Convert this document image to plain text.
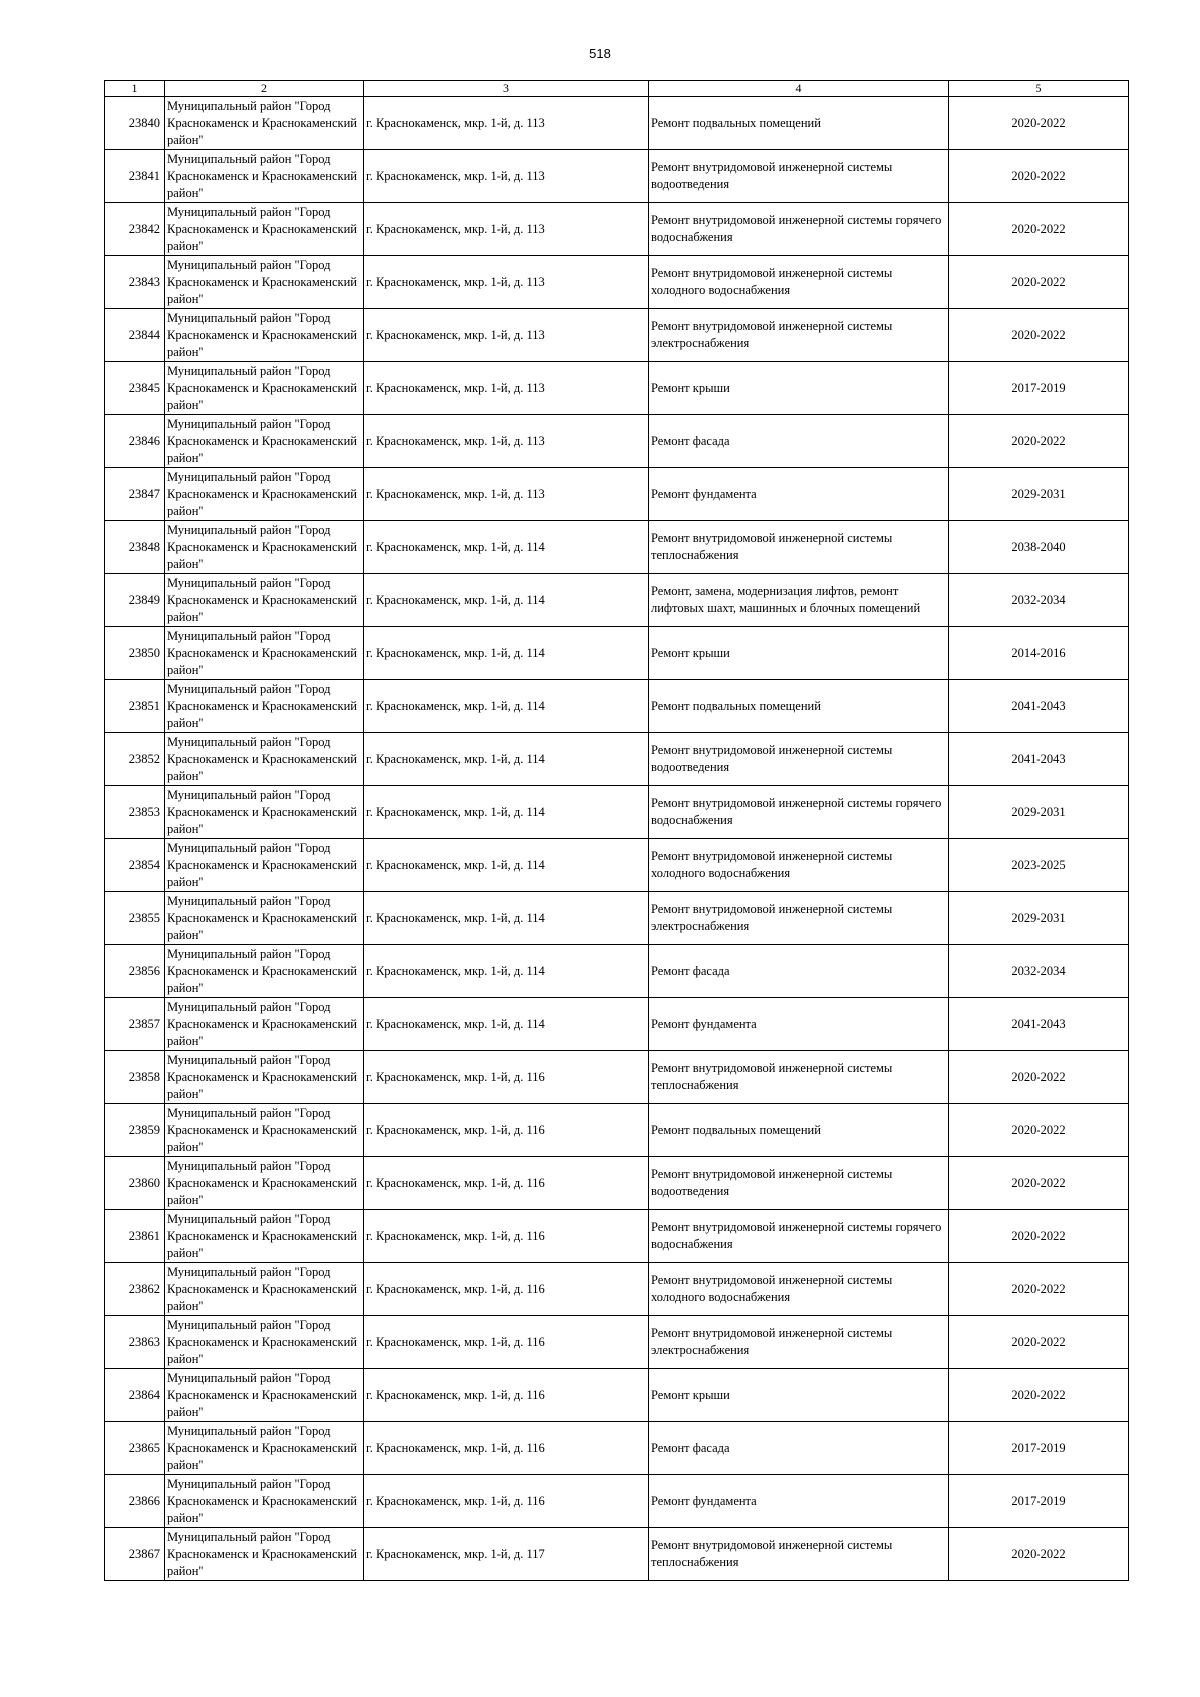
518
1	2	3	4	5
23840	Муниципальный район "Город Краснокаменск и Краснокаменский район"	г. Краснокаменск, мкр. 1-й, д. 113	Ремонт подвальных помещений	2020-2022
23841	Муниципальный район "Город Краснокаменск и Краснокаменский район"	г. Краснокаменск, мкр. 1-й, д. 113	Ремонт внутридомовой инженерной системы водоотведения	2020-2022
23842	Муниципальный район "Город Краснокаменск и Краснокаменский район"	г. Краснокаменск, мкр. 1-й, д. 113	Ремонт внутридомовой инженерной системы горячего водоснабжения	2020-2022
23843	Муниципальный район "Город Краснокаменск и Краснокаменский район"	г. Краснокаменск, мкр. 1-й, д. 113	Ремонт внутридомовой инженерной системы холодного водоснабжения	2020-2022
23844	Муниципальный район "Город Краснокаменск и Краснокаменский район"	г. Краснокаменск, мкр. 1-й, д. 113	Ремонт внутридомовой инженерной системы электроснабжения	2020-2022
23845	Муниципальный район "Город Краснокаменск и Краснокаменский район"	г. Краснокаменск, мкр. 1-й, д. 113	Ремонт крыши	2017-2019
23846	Муниципальный район "Город Краснокаменск и Краснокаменский район"	г. Краснокаменск, мкр. 1-й, д. 113	Ремонт фасада	2020-2022
23847	Муниципальный район "Город Краснокаменск и Краснокаменский район"	г. Краснокаменск, мкр. 1-й, д. 113	Ремонт фундамента	2029-2031
23848	Муниципальный район "Город Краснокаменск и Краснокаменский район"	г. Краснокаменск, мкр. 1-й, д. 114	Ремонт внутридомовой инженерной системы теплоснабжения	2038-2040
23849	Муниципальный район "Город Краснокаменск и Краснокаменский район"	г. Краснокаменск, мкр. 1-й, д. 114	Ремонт, замена, модернизация лифтов, ремонт лифтовых шахт, машинных и блочных помещений	2032-2034
23850	Муниципальный район "Город Краснокаменск и Краснокаменский район"	г. Краснокаменск, мкр. 1-й, д. 114	Ремонт крыши	2014-2016
23851	Муниципальный район "Город Краснокаменск и Краснокаменский район"	г. Краснокаменск, мкр. 1-й, д. 114	Ремонт подвальных помещений	2041-2043
23852	Муниципальный район "Город Краснокаменск и Краснокаменский район"	г. Краснокаменск, мкр. 1-й, д. 114	Ремонт внутридомовой инженерной системы водоотведения	2041-2043
23853	Муниципальный район "Город Краснокаменск и Краснокаменский район"	г. Краснокаменск, мкр. 1-й, д. 114	Ремонт внутридомовой инженерной системы горячего водоснабжения	2029-2031
23854	Муниципальный район "Город Краснокаменск и Краснокаменский район"	г. Краснокаменск, мкр. 1-й, д. 114	Ремонт внутридомовой инженерной системы холодного водоснабжения	2023-2025
23855	Муниципальный район "Город Краснокаменск и Краснокаменский район"	г. Краснокаменск, мкр. 1-й, д. 114	Ремонт внутридомовой инженерной системы электроснабжения	2029-2031
23856	Муниципальный район "Город Краснокаменск и Краснокаменский район"	г. Краснокаменск, мкр. 1-й, д. 114	Ремонт фасада	2032-2034
23857	Муниципальный район "Город Краснокаменск и Краснокаменский район"	г. Краснокаменск, мкр. 1-й, д. 114	Ремонт фундамента	2041-2043
23858	Муниципальный район "Город Краснокаменск и Краснокаменский район"	г. Краснокаменск, мкр. 1-й, д. 116	Ремонт внутридомовой инженерной системы теплоснабжения	2020-2022
23859	Муниципальный район "Город Краснокаменск и Краснокаменский район"	г. Краснокаменск, мкр. 1-й, д. 116	Ремонт подвальных помещений	2020-2022
23860	Муниципальный район "Город Краснокаменск и Краснокаменский район"	г. Краснокаменск, мкр. 1-й, д. 116	Ремонт внутридомовой инженерной системы водоотведения	2020-2022
23861	Муниципальный район "Город Краснокаменск и Краснокаменский район"	г. Краснокаменск, мкр. 1-й, д. 116	Ремонт внутридомовой инженерной системы горячего водоснабжения	2020-2022
23862	Муниципальный район "Город Краснокаменск и Краснокаменский район"	г. Краснокаменск, мкр. 1-й, д. 116	Ремонт внутридомовой инженерной системы холодного водоснабжения	2020-2022
23863	Муниципальный район "Город Краснокаменск и Краснокаменский район"	г. Краснокаменск, мкр. 1-й, д. 116	Ремонт внутридомовой инженерной системы электроснабжения	2020-2022
23864	Муниципальный район "Город Краснокаменск и Краснокаменский район"	г. Краснокаменск, мкр. 1-й, д. 116	Ремонт крыши	2020-2022
23865	Муниципальный район "Город Краснокаменск и Краснокаменский район"	г. Краснокаменск, мкр. 1-й, д. 116	Ремонт фасада	2017-2019
23866	Муниципальный район "Город Краснокаменск и Краснокаменский район"	г. Краснокаменск, мкр. 1-й, д. 116	Ремонт фундамента	2017-2019
23867	Муниципальный район "Город Краснокаменск и Краснокаменский район"	г. Краснокаменск, мкр. 1-й, д. 117	Ремонт внутридомовой инженерной системы теплоснабжения	2020-2022
